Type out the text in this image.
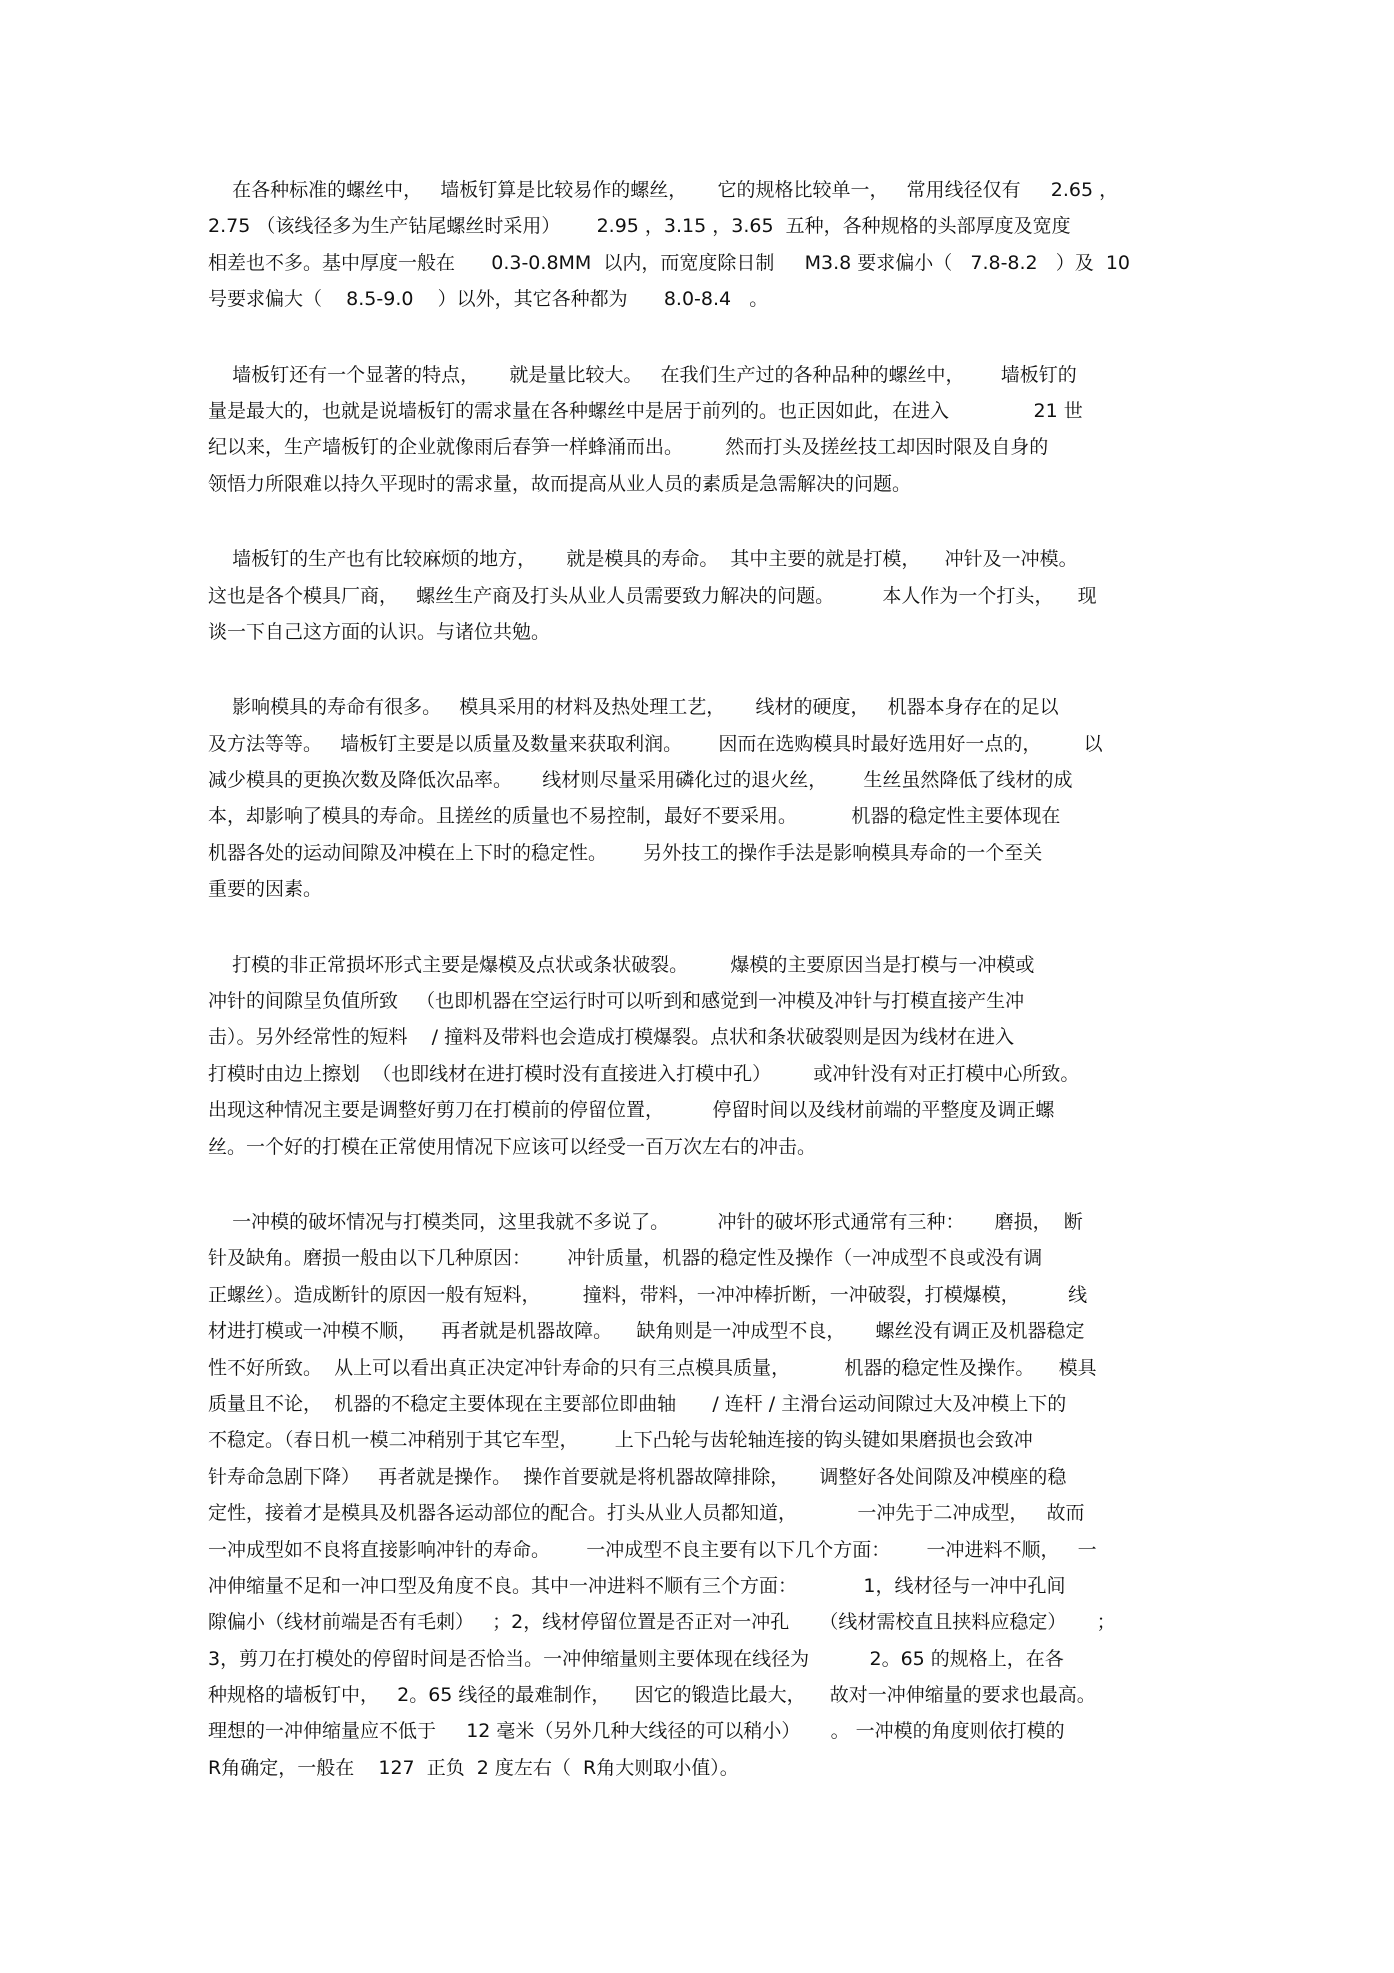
在各种标准的螺丝中，   墙板钉算是比较易作的螺丝，     它的规格比较单一，   常用线径仅有     2.65 ，
2.75 （该线径多为生产钻尾螺丝时采用）      2.95 ，3.15 ，3.65  五种，各种规格的头部厚度及宽度
相差也不多。基中厚度一般在      0.3-0.8MM  以内，而宽度除日制     M3.8 要求偏小（   7.8-8.2   ）及  10
号要求偏大（    8.5-9.0    ）以外，其它各种都为      8.0-8.4   。
墙板钉还有一个显著的特点，     就是量比较大。   在我们生产过的各种品种的螺丝中，      墙板钉的
量是最大的，也就是说墙板钉的需求量在各种螺丝中是居于前列的。也正因如此，在进入              21 世
纪以来，生产墙板钉的企业就像雨后春笋一样蜂涌而出。       然而打头及搓丝技工却因时限及自身的
领悟力所限难以持久平现时的需求量，故而提高从业人员的素质是急需解决的问题。
墙板钉的生产也有比较麻烦的地方，     就是模具的寿命。  其中主要的就是打模，    冲针及一冲模。
这也是各个模具厂商，   螺丝生产商及打头从业人员需要致力解决的问题。        本人作为一个打头，    现
谈一下自己这方面的认识。与诸位共勉。
影响模具的寿命有很多。   模具采用的材料及热处理工艺，     线材的硬度，   机器本身存在的足以
及方法等等。   墙板钉主要是以质量及数量来获取利润。      因而在选购模具时最好选用好一点的，       以
减少模具的更换次数及降低次品率。     线材则尽量采用磷化过的退火丝，      生丝虽然降低了线材的成
本，却影响了模具的寿命。且搓丝的质量也不易控制，最好不要采用。         机器的稳定性主要体现在
机器各处的运动间隙及冲模在上下时的稳定性。      另外技工的操作手法是影响模具寿命的一个至关
重要的因素。
打模的非正常损坏形式主要是爆模及点状或条状破裂。       爆模的主要原因当是打模与一冲模或
冲针的间隙呈负值所致   （也即机器在空运行时可以听到和感觉到一冲模及冲针与打模直接产生冲
击）。另外经常性的短料    / 撞料及带料也会造成打模爆裂。点状和条状破裂则是因为线材在进入
打模时由边上擦划  （也即线材在进打模时没有直接进入打模中孔）       或冲针没有对正打模中心所致。
出现这种情况主要是调整好剪刀在打模前的停留位置，        停留时间以及线材前端的平整度及调正螺
丝。一个好的打模在正常使用情况下应该可以经受一百万次左右的冲击。
一冲模的破坏情况与打模类同，这里我就不多说了。        冲针的破坏形式通常有三种：     磨损，  断
针及缺角。磨损一般由以下几种原因：      冲针质量，机器的稳定性及操作（一冲成型不良或没有调
正螺丝）。造成断针的原因一般有短料，       撞料，带料，一冲冲棒折断，一冲破裂，打模爆模，        线
材进打模或一冲模不顺，    再者就是机器故障。    缺角则是一冲成型不良，     螺丝没有调正及机器稳定
性不好所致。  从上可以看出真正决定冲针寿命的只有三点模具质量，         机器的稳定性及操作。    模具
质量且不论，  机器的不稳定主要体现在主要部位即曲轴      / 连杆 / 主滑台运动间隙过大及冲模上下的
不稳定。（春日机一模二冲稍别于其它车型，      上下凸轮与齿轮轴连接的钩头键如果磨损也会致冲
针寿命急剧下降）   再者就是操作。  操作首要就是将机器故障排除，     调整好各处间隙及冲模座的稳
定性，接着才是模具及机器各运动部位的配合。打头从业人员都知道，          一冲先于二冲成型，   故而
一冲成型如不良将直接影响冲针的寿命。      一冲成型不良主要有以下几个方面：      一冲进料不顺，   一
冲伸缩量不足和一冲口型及角度不良。其中一冲进料不顺有三个方面：           1，线材径与一冲中孔间
隙偏小（线材前端是否有毛刺）   ；2，线材停留位置是否正对一冲孔     （线材需校直且挟料应稳定）     ；
3，剪刀在打模处的停留时间是否恰当。一冲伸缩量则主要体现在线径为          2。65 的规格上，在各
种规格的墙板钉中，   2。65 线径的最难制作，    因它的锻造比最大，    故对一冲伸缩量的要求也最高。
理想的一冲伸缩量应不低于     12 毫米（另外几种大线径的可以稍小）     。 一冲模的角度则依打模的
R角确定，一般在    127  正负  2 度左右（  R角大则取小值）。
